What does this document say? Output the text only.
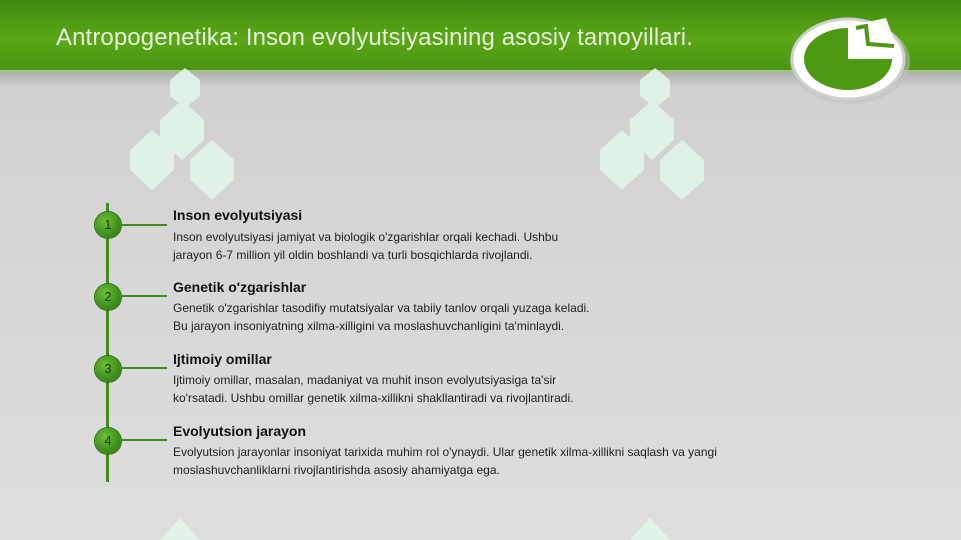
Antropogenetika: Inson evolyutsiyasining asosiy tamoyillari.
1
Inson evolyutsiyasi
Inson evolyutsiyasi jamiyat va biologik o'zgarishlar orqali kechadi. Ushbu
jarayon 6-7 million yil oldin boshlandi va turli bosqichlarda rivojlandi.
2
Genetik o'zgarishlar
Genetik o'zgarishlar tasodifiy mutatsiyalar va tabiiy tanlov orqali yuzaga keladi.
Bu jarayon insoniyatning xilma-xilligini va moslashuvchanligini ta'minlaydi.
3
Ijtimoiy omillar
Ijtimoiy omillar, masalan, madaniyat va muhit inson evolyutsiyasiga ta'sir
ko'rsatadi. Ushbu omillar genetik xilma-xillikni shakllantiradi va rivojlantiradi.
4
Evolyutsion jarayon
Evolyutsion jarayonlar insoniyat tarixida muhim rol o'ynaydi. Ular genetik xilma-xillikni saqlash va yangi
moslashuvchanliklarni rivojlantirishda asosiy ahamiyatga ega.
